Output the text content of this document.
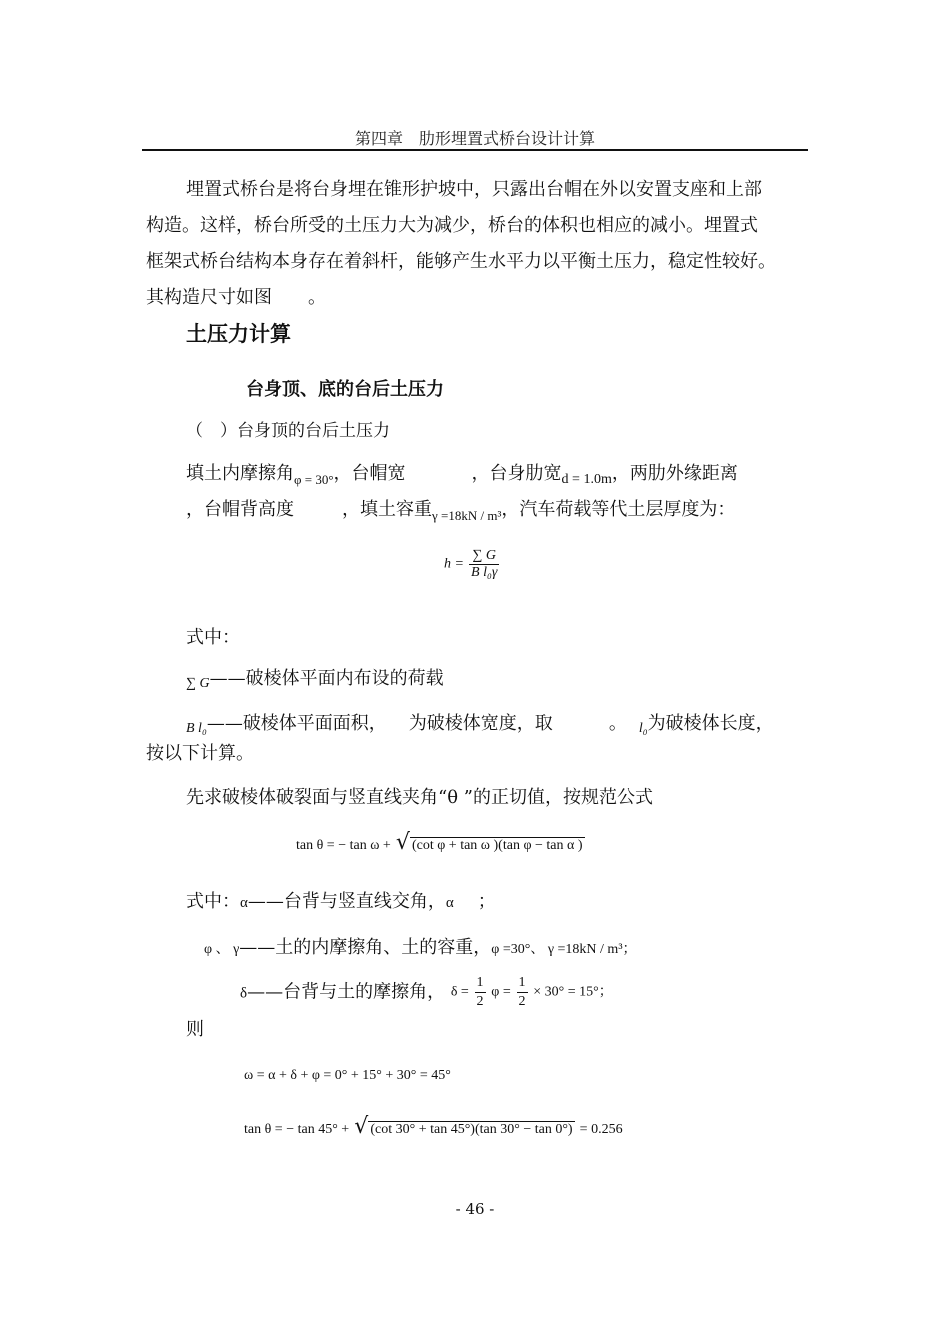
第四章　肋形埋置式桥台设计计算
埋置式桥台是将台身埋在锥形护坡中，只露出台帽在外以安置支座和上部
构造。这样，桥台所受的土压力大为减少，桥台的体积也相应的减小。埋置式
框架式桥台结构本身存在着斜杆，能够产生水平力以平衡土压力，稳定性较好。
其构造尺寸如图　　。
土压力计算
台身顶、底的台后土压力
（　）台身顶的台后土压力
填土内摩擦角$_{\varphi = 30^\circ}$，台帽宽	，台身肋宽$_{d = 1.0m}$，两肋外缘距离
，台帽背高度	，填土容重$_{\gamma =18kN / m^3}$，汽车荷载等代土层厚度为：
$h = \frac{\sum G}{\text{B l₀γ}}$
式中：
∑ G——破棱体平面内布设的荷载
B l₀——破棱体平面面积， 为破棱体宽度，取	。 l₀为破棱体长度，
按以下计算。
先求破棱体破裂面与竖直线夹角“θ ”的正切值，按规范公式
tan θ = − tan ω + √ (cot φ + tan ω )(tan φ − tan α )
式中：α——台背与竖直线交角，α ；
φ 、 γ——土的内摩擦角、土的容重，φ =30°、 γ =18kN / m³；
δ——台背与土的摩擦角， $\delta = \frac{1}{2}$ $\varphi = \frac{1}{2} \times 30^\circ = 15^\circ$；
则
ω = α + δ + φ = 0° + 15° + 30° = 45°
tan θ = − tan 45° + √ (cot 30° + tan 45°)(tan 30° − tan 0°) = 0.256
- 46 -
